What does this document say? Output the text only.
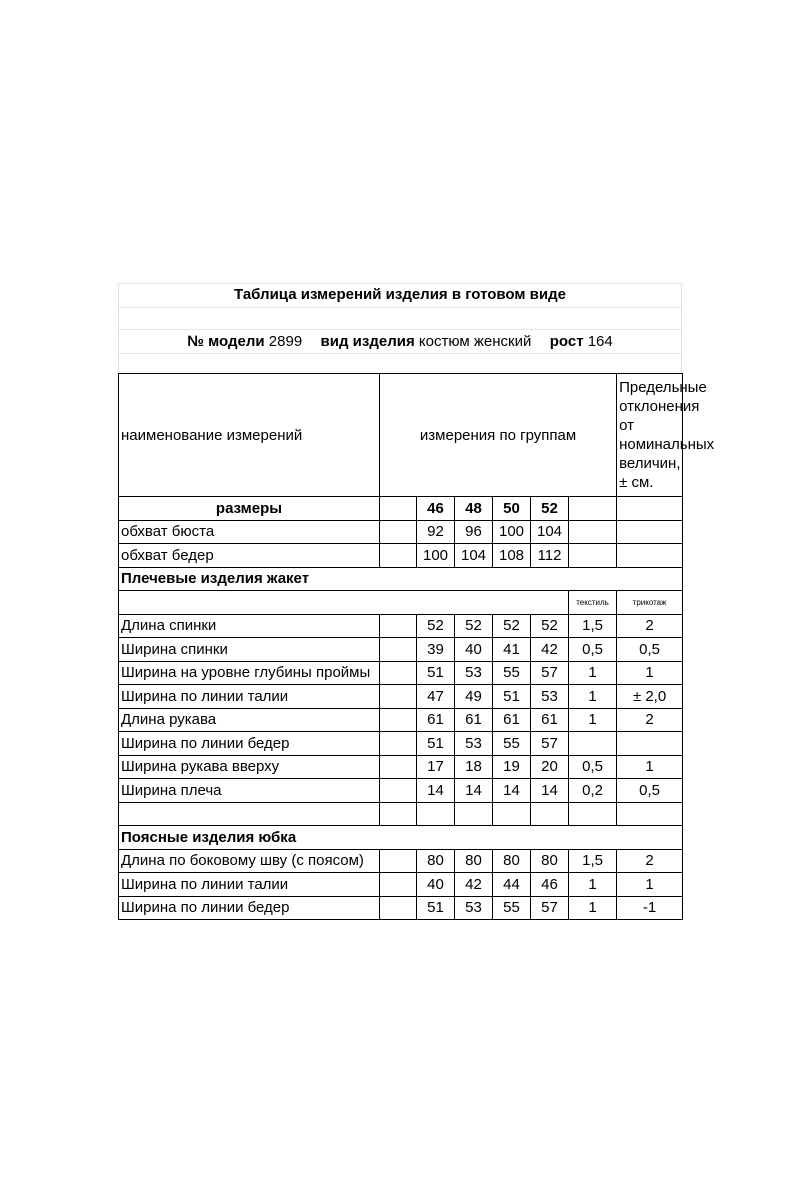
Таблица измерений изделия в готовом виде
№ модели 2899 вид изделия костюм женский рост 164
наименование измерений	измерения по группам						Предельные отклонения от номинальных величин, ± см.
размеры		46	48	50	52		
обхват бюста		92	96	100	104		
обхват бедер		100	104	108	112		
Плечевые изделия жакет							
						текстиль	трикотаж
Длина спинки		52	52	52	52	1,5	2
Ширина спинки		39	40	41	42	0,5	0,5
Ширина на уровне глубины проймы		51	53	55	57	1	1
Ширина по линии талии		47	49	51	53	1	± 2,0
Длина рукава		61	61	61	61	1	2
Ширина по линии бедер		51	53	55	57		
Ширина рукава вверху		17	18	19	20	0,5	1
Ширина плеча		14	14	14	14	0,2	0,5

Поясные изделия юбка							
Длина по боковому шву (с поясом)		80	80	80	80	1,5	2
Ширина по линии талии		40	42	44	46	1	1
Ширина по линии бедер		51	53	55	57	1	-1
